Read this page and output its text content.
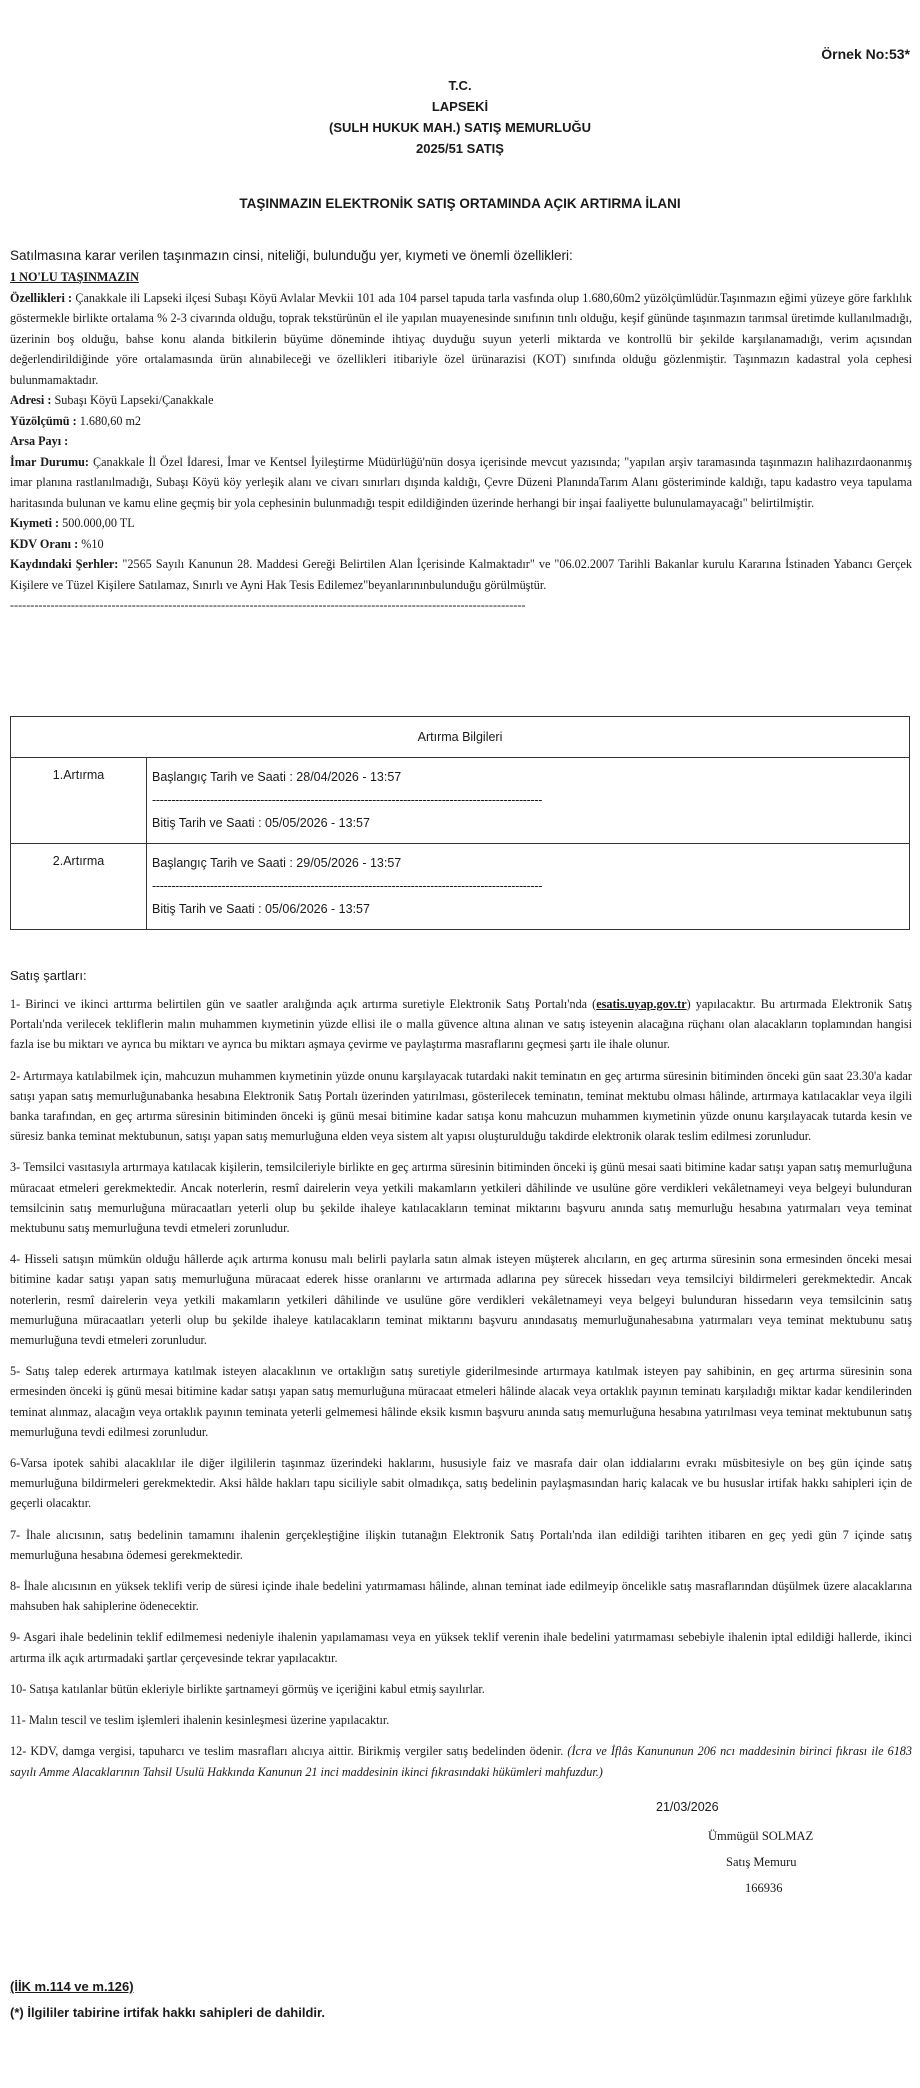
Örnek No:53*
T.C.
LAPSEKİ
(SULH HUKUK MAH.) SATIŞ MEMURLUĞU
2025/51 SATIŞ
TAŞINMAZIN ELEKTRONİK SATIŞ ORTAMINDA AÇIK ARTIRMA İLANI
Satılmasına karar verilen taşınmazın cinsi, niteliği, bulunduğu yer, kıymeti ve önemli özellikleri:

1 NO'LU TAŞINMAZIN

Özellikleri : Çanakkale ili Lapseki ilçesi Subaşı Köyü Avlalar Mevkii 101 ada 104 parsel tapuda tarla vasfında olup 1.680,60m2 yüzölçümlüdür.Taşınmazın eğimi yüzeye göre farklılık göstermekle birlikte ortalama % 2-3 civarında olduğu, toprak tekstürünün el ile yapılan muayenesinde sınıfının tınlı olduğu, keşif gününde taşınmazın tarımsal üretimde kullanılmadığı, üzerinin boş olduğu, bahse konu alanda bitkilerin büyüme döneminde ihtiyaç duyduğu suyun yeterli miktarda ve kontrollü bir şekilde karşılanamadığı, verim açısından değerlendirildiğinde yöre ortalamasında ürün alınabileceği ve özellikleri itibariyle özel ürünarazisi (KOT) sınıfında olduğu gözlenmiştir. Taşınmazın kadastral yola cephesi bulunmamaktadır.

Adresi : Subaşı Köyü Lapseki/Çanakkale

Yüzölçümü : 1.680,60 m2

Arsa Payı :

İmar Durumu: Çanakkale İl Özel İdaresi, İmar ve Kentsel İyileştirme Müdürlüğü'nün dosya içerisinde mevcut yazısında; "yapılan arşiv taramasında taşınmazın halihazırdaonanmış imar planına rastlanılmadığı, Subaşı Köyü köy yerleşik alanı ve civarı sınırları dışında kaldığı, Çevre Düzeni PlanındaTarım Alanı gösteriminde kaldığı, tapu kadastro veya tapulama haritasında bulunan ve kamu eline geçmiş bir yola cephesinin bulunmadığı tespit edildiğinden üzerinde herhangi bir inşai faaliyette bulunulamayacağı" belirtilmiştir.

Kıymeti : 500.000,00 TL

KDV Oranı : %10

Kaydındaki Şerhler: "2565 Sayılı Kanunun 28. Maddesi Gereği Belirtilen Alan İçerisinde Kalmaktadır" ve "06.02.2007 Tarihli Bakanlar kurulu Kararına İstinaden Yabancı Gerçek Kişilere ve Tüzel Kişilere Satılamaz, Sınırlı ve Ayni Hak Tesis Edilemez"beyanlarınınbulunduğu görülmüştür.

-------------------------------------------------------------------------------------------------------------------------------

Artırma Bilgileri	
1.Artırma	Başlangıç Tarih ve Saati : 28/04/2026 - 13:57
-----------------------------------------------------------------------------------------------------
Bitiş Tarih ve Saati : 05/05/2026 - 13:57

2.Artırma	Başlangıç Tarih ve Saati : 29/05/2026 - 13:57
-----------------------------------------------------------------------------------------------------
Bitiş Tarih ve Saati : 05/06/2026 - 13:57
Satış şartları:

1- Birinci ve ikinci arttırma belirtilen gün ve saatler aralığında açık artırma suretiyle Elektronik Satış Portalı'nda (esatis.uyap.gov.tr) yapılacaktır. Bu artırmada Elektronik Satış Portalı'nda verilecek tekliflerin malın muhammen kıymetinin yüzde ellisi ile o malla güvence altına alınan ve satış isteyenin alacağına rüçhanı olan alacakların toplamından hangisi fazla ise bu miktarı ve ayrıca bu miktarı ve ayrıca bu miktarı aşmaya çevirme ve paylaştırma masraflarını geçmesi şartı ile ihale olunur.

2- Artırmaya katılabilmek için, mahcuzun muhammen kıymetinin yüzde onunu karşılayacak tutardaki nakit teminatın en geç artırma süresinin bitiminden önceki gün saat 23.30'a kadar satışı yapan satış memurluğunabanka hesabına Elektronik Satış Portalı üzerinden yatırılması, gösterilecek teminatın, teminat mektubu olması hâlinde, artırmaya katılacaklar veya ilgili banka tarafından, en geç artırma süresinin bitiminden önceki iş günü mesai bitimine kadar satışa konu mahcuzun muhammen kıymetinin yüzde onunu karşılayacak tutarda kesin ve süresiz banka teminat mektubunun, satışı yapan satış memurluğuna elden veya sistem alt yapısı oluşturulduğu takdirde elektronik olarak teslim edilmesi zorunludur.

3- Temsilci vasıtasıyla artırmaya katılacak kişilerin, temsilcileriyle birlikte en geç artırma süresinin bitiminden önceki iş günü mesai saati bitimine kadar satışı yapan satış memurluğuna müracaat etmeleri gerekmektedir. Ancak noterlerin, resmî dairelerin veya yetkili makamların yetkileri dâhilinde ve usulüne göre verdikleri vekâletnameyi veya belgeyi bulunduran temsilcinin satış memurluğuna müracaatları yeterli olup bu şekilde ihaleye katılacakların teminat miktarını başvuru anında satış memurluğu hesabına yatırmaları veya teminat mektubunu satış memurluğuna tevdi etmeleri zorunludur.

4- Hisseli satışın mümkün olduğu hâllerde açık artırma konusu malı belirli paylarla satın almak isteyen müşterek alıcıların, en geç artırma süresinin sona ermesinden önceki mesai bitimine kadar satışı yapan satış memurluğuna müracaat ederek hisse oranlarını ve artırmada adlarına pey sürecek hissedarı veya temsilciyi bildirmeleri gerekmektedir. Ancak noterlerin, resmî dairelerin veya yetkili makamların yetkileri dâhilinde ve usulüne göre verdikleri vekâletnameyi veya belgeyi bulunduran hissedarın veya temsilcinin satış memurluğuna müracaatları yeterli olup bu şekilde ihaleye katılacakların teminat miktarını başvuru anındasatış memurluğunahesabına yatırmaları veya teminat mektubunu satış memurluğuna tevdi etmeleri zorunludur.

5- Satış talep ederek artırmaya katılmak isteyen alacaklının ve ortaklığın satış suretiyle giderilmesinde artırmaya katılmak isteyen pay sahibinin, en geç artırma süresinin sona ermesinden önceki iş günü mesai bitimine kadar satışı yapan satış memurluğuna müracaat etmeleri hâlinde alacak veya ortaklık payının teminatı karşıladığı miktar kadar kendilerinden teminat alınmaz, alacağın veya ortaklık payının teminata yeterli gelmemesi hâlinde eksik kısmın başvuru anında satış memurluğuna hesabına yatırılması veya teminat mektubunun satış memurluğuna tevdi edilmesi zorunludur.

6-Varsa ipotek sahibi alacaklılar ile diğer ilgililerin taşınmaz üzerindeki haklarını, hususiyle faiz ve masrafa dair olan iddialarını evrakı müsbitesiyle on beş gün içinde satış memurluğuna bildirmeleri gerekmektedir. Aksi hâlde hakları tapu siciliyle sabit olmadıkça, satış bedelinin paylaşmasından hariç kalacak ve bu hususlar irtifak hakkı sahipleri için de geçerli olacaktır.

7- İhale alıcısının, satış bedelinin tamamını ihalenin gerçekleştiğine ilişkin tutanağın Elektronik Satış Portalı'nda ilan edildiği tarihten itibaren en geç yedi gün 7 içinde satış memurluğuna hesabına ödemesi gerekmektedir.

8- İhale alıcısının en yüksek teklifi verip de süresi içinde ihale bedelini yatırmaması hâlinde, alınan teminat iade edilmeyip öncelikle satış masraflarından düşülmek üzere alacaklarına mahsuben hak sahiplerine ödenecektir.

9- Asgari ihale bedelinin teklif edilmemesi nedeniyle ihalenin yapılamaması veya en yüksek teklif verenin ihale bedelini yatırmaması sebebiyle ihalenin iptal edildiği hallerde, ikinci artırma ilk açık artırmadaki şartlar çerçevesinde tekrar yapılacaktır.

10- Satışa katılanlar bütün ekleriyle birlikte şartnameyi görmüş ve içeriğini kabul etmiş sayılırlar.

11- Malın tescil ve teslim işlemleri ihalenin kesinleşmesi üzerine yapılacaktır.

12- KDV, damga vergisi, tapuharcı ve teslim masrafları alıcıya aittir. Birikmiş vergiler satış bedelinden ödenir. (İcra ve İflâs Kanununun 206 ncı maddesinin birinci fıkrası ile 6183 sayılı Amme Alacaklarının Tahsil Usulü Hakkında Kanunun 21 inci maddesinin ikinci fıkrasındaki hükümleri mahfuzdur.)

21/03/2026
Ümmügül SOLMAZ
Satış Memuru
166936
(İİK m.114 ve m.126)
(*) İlgililer tabirine irtifak hakkı sahipleri de dahildir.
